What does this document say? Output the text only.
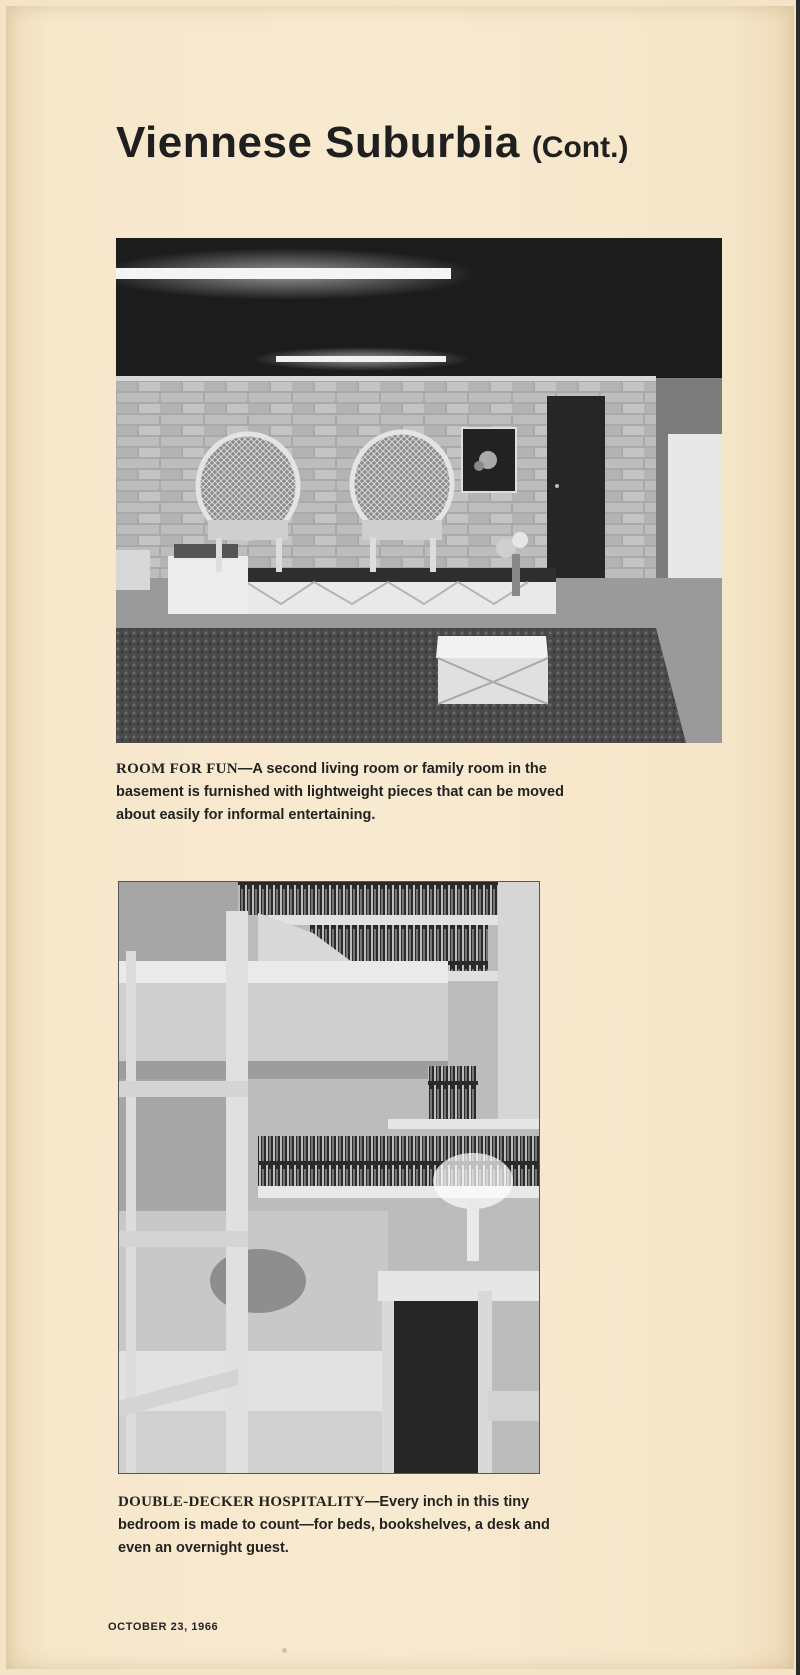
Viennese Suburbia (Cont.)
ROOM FOR FUN—A second living room or family room in the basement is furnished with lightweight pieces that can be moved about easily for informal entertaining.
DOUBLE-DECKER HOSPITALITY—Every inch in this tiny bedroom is made to count—for beds, bookshelves, a desk and even an overnight guest.
OCTOBER 23, 1966
